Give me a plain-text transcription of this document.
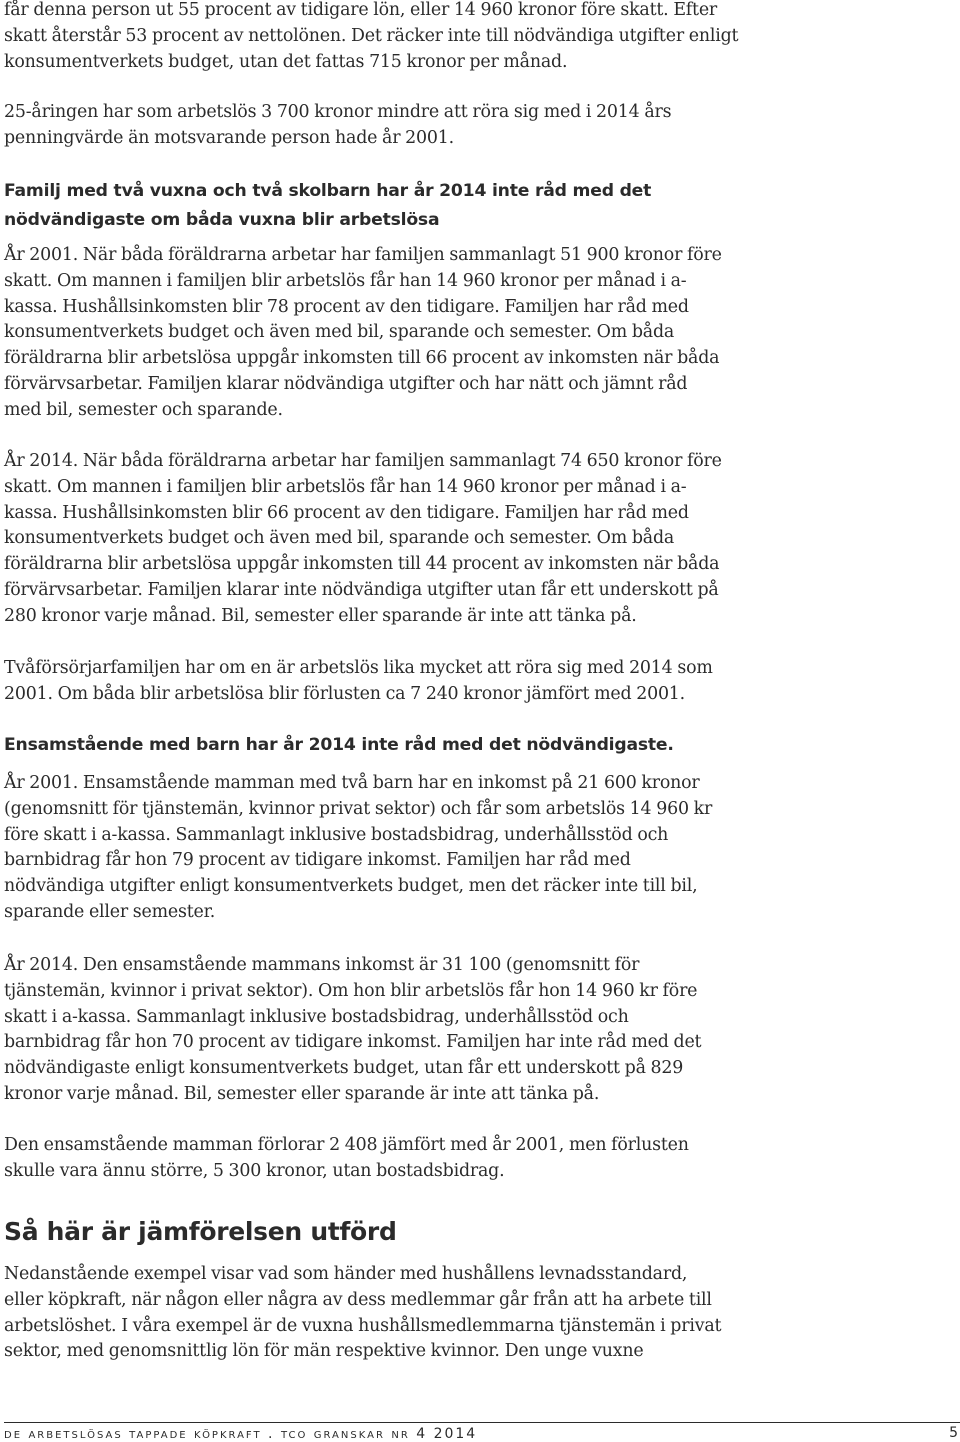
får denna person ut 55 procent av tidigare lön, eller 14 960 kronor före skatt. Efter skatt återstår 53 procent av nettolönen. Det räcker inte till nödvändiga utgifter enligt konsumentverkets budget, utan det fattas 715 kronor per månad.

25-åringen har som arbetslös 3 700 kronor mindre att röra sig med i 2014 års penningvärde än motsvarande person hade år 2001.

Familj med två vuxna och två skolbarn har år 2014 inte råd med det nödvändigaste om båda vuxna blir arbetslösa

År 2001. När båda föräldrarna arbetar har familjen sammanlagt 51 900 kronor före skatt. Om mannen i familjen blir arbetslös får han 14 960 kronor per månad i a-kassa. Hushållsinkomsten blir 78 procent av den tidigare. Familjen har råd med konsumentverkets budget och även med bil, sparande och semester. Om båda föräldrarna blir arbetslösa uppgår inkomsten till 66 procent av inkomsten när båda förvärvsarbetar. Familjen klarar nödvändiga utgifter och har nätt och jämnt råd med bil, semester och sparande.

År 2014. När båda föräldrarna arbetar har familjen sammanlagt 74 650 kronor före skatt. Om mannen i familjen blir arbetslös får han 14 960 kronor per månad i a-kassa. Hushållsinkomsten blir 66 procent av den tidigare. Familjen har råd med konsumentverkets budget och även med bil, sparande och semester. Om båda föräldrarna blir arbetslösa uppgår inkomsten till 44 procent av inkomsten när båda förvärvsarbetar. Familjen klarar inte nödvändiga utgifter utan får ett underskott på 280 kronor varje månad. Bil, semester eller sparande är inte att tänka på.

Tvåförsörjarfamiljen har om en är arbetslös lika mycket att röra sig med 2014 som 2001. Om båda blir arbetslösa blir förlusten ca 7 240 kronor jämfört med 2001.

Ensamstående med barn har år 2014 inte råd med det nödvändigaste.

År 2001. Ensamstående mamman med två barn har en inkomst på 21 600 kronor (genomsnitt för tjänstemän, kvinnor privat sektor) och får som arbetslös 14 960 kr före skatt i a-kassa. Sammanlagt inklusive bostadsbidrag, underhållsstöd och barnbidrag får hon 79 procent av tidigare inkomst. Familjen har råd med nödvändiga utgifter enligt konsumentverkets budget, men det räcker inte till bil, sparande eller semester.

År 2014. Den ensamstående mammans inkomst är 31 100 (genomsnitt för tjänstemän, kvinnor i privat sektor). Om hon blir arbetslös får hon 14 960 kr före skatt i a-kassa. Sammanlagt inklusive bostadsbidrag, underhållsstöd och barnbidrag får hon 70 procent av tidigare inkomst. Familjen har inte råd med det nödvändigaste enligt konsumentverkets budget, utan får ett underskott på 829 kronor varje månad. Bil, semester eller sparande är inte att tänka på.

Den ensamstående mamman förlorar 2 408 jämfört med år 2001, men förlusten skulle vara ännu större, 5 300 kronor, utan bostadsbidrag.

Så här är jämförelsen utförd

Nedanstående exempel visar vad som händer med hushållens levnadsstandard, eller köpkraft, när någon eller några av dess medlemmar går från att ha arbete till arbetslöshet. I våra exempel är de vuxna hushållsmedlemmarna tjänstemän i privat sektor, med genomsnittlig lön för män respektive kvinnor. Den unge vuxne

de arbetslösas tappade köpkraft . tco granskar nr 4 2014	5
